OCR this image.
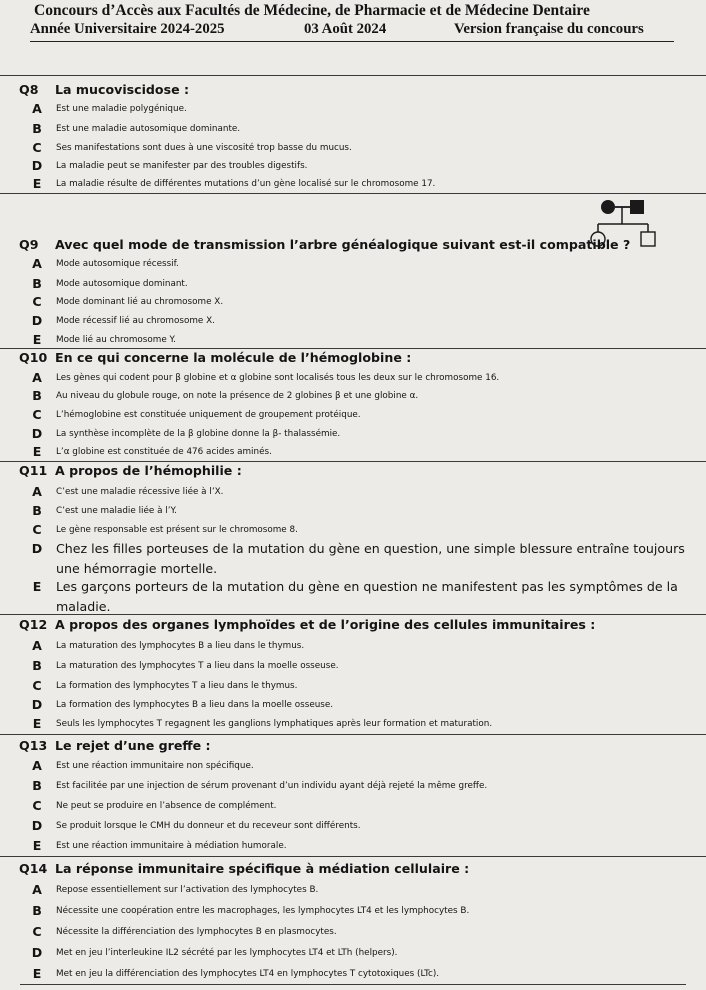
Concours d’Accès aux Facultés de Médecine, de Pharmacie et de Médecine Dentaire
Année Universitaire 2024-2025	03 Août 2024	Version française du concours
Q8 La mucoviscidose :
A Est une maladie polygénique.
B Est une maladie autosomique dominante.
C Ses manifestations sont dues à une viscosité trop basse du mucus.
D La maladie peut se manifester par des troubles digestifs.
E	La maladie résulte de différentes mutations d’un gène localisé sur le chromosome 17.
Q9 Avec quel mode de transmission l’arbre généalogique suivant est-il compatible ?
A Mode autosomique récessif.
B Mode autosomique dominant.
C Mode dominant lié au chromosome X.
D Mode récessif lié au chromosome X.
E	Mode lié au chromosome Y.
Q10 En ce qui concerne la molécule de l’hémoglobine :
A Les gènes qui codent pour β globine et α globine sont localisés tous les deux sur le chromosome 16.
B Au niveau du globule rouge, on note la présence de 2 globines β et une globine α.
C L’hémoglobine est constituée uniquement de groupement protéique.
D La synthèse incomplète de la β globine donne la β- thalassémie.
E	L’α globine est constituée de 476 acides aminés.
Q11 A propos de l’hémophilie :
A C’est une maladie récessive liée à l’X.
B C’est une maladie liée à l’Y.
C Le gène responsable est présent sur le chromosome 8.
D Chez les filles porteuses de la mutation du gène en question, une simple blessure entraîne toujours une hémorragie mortelle.
E Les garçons porteurs de la mutation du gène en question ne manifestent pas les symptômes de la maladie.
Q12 A propos des organes lymphoïdes et de l’origine des cellules immunitaires :
A La maturation des lymphocytes B a lieu dans le thymus.
B La maturation des lymphocytes T a lieu dans la moelle osseuse.
C La formation des lymphocytes T a lieu dans le thymus.
D La formation des lymphocytes B a lieu dans la moelle osseuse.
E	Seuls les lymphocytes T regagnent les ganglions lymphatiques après leur formation et maturation.
Q13 Le rejet d’une greffe :
A Est une réaction immunitaire non spécifique.
B Est facilitée par une injection de sérum provenant d’un individu ayant déjà rejeté la même greffe.
C Ne peut se produire en l’absence de complément.
D Se produit lorsque le CMH du donneur et du receveur sont différents.
E	Est une réaction immunitaire à médiation humorale.
Q14 La réponse immunitaire spécifique à médiation cellulaire :
A Repose essentiellement sur l’activation des lymphocytes B.
B Nécessite une coopération entre les macrophages, les lymphocytes LT4 et les lymphocytes B.
C Nécessite la différenciation des lymphocytes B en plasmocytes.
D Met en jeu l’interleukine IL2 sécrété par les lymphocytes LT4 et LTh (helpers).
E	Met en jeu la différenciation des lymphocytes LT4 en lymphocytes T cytotoxiques (LTc).
